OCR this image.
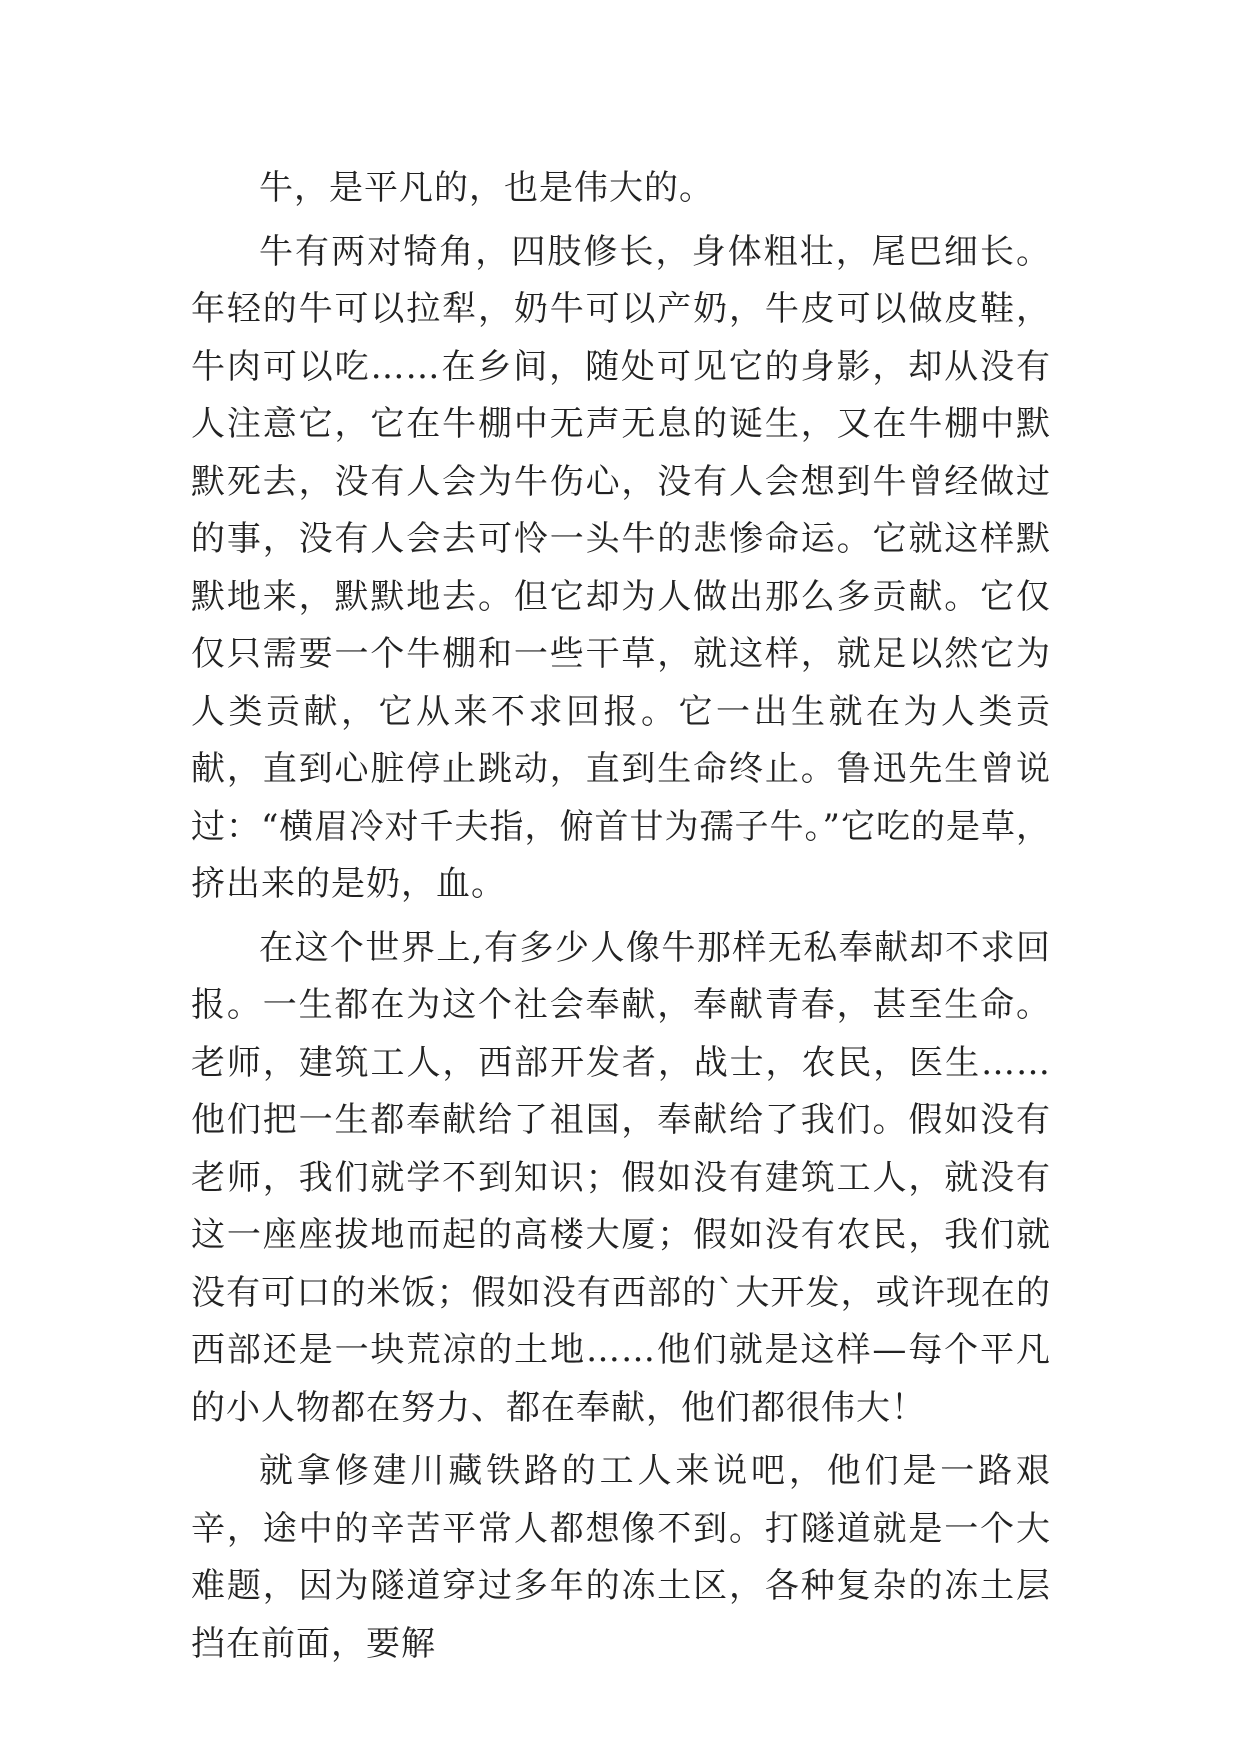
牛，是平凡的，也是伟大的。

牛有两对犄角，四肢修长，身体粗壮，尾巴细长。年轻的牛可以拉犁，奶牛可以产奶，牛皮可以做皮鞋，牛肉可以吃……在乡间，随处可见它的身影，却从没有人注意它，它在牛棚中无声无息的诞生，又在牛棚中默默死去，没有人会为牛伤心，没有人会想到牛曾经做过的事，没有人会去可怜一头牛的悲惨命运。它就这样默默地来，默默地去。但它却为人做出那么多贡献。它仅仅只需要一个牛棚和一些干草，就这样，就足以然它为人类贡献，它从来不求回报。它一出生就在为人类贡献，直到心脏停止跳动，直到生命终止。鲁迅先生曾说过：“横眉冷对千夫指，俯首甘为孺子牛。”它吃的是草，挤出来的是奶，血。

在这个世界上,有多少人像牛那样无私奉献却不求回报。一生都在为这个社会奉献，奉献青春，甚至生命。老师，建筑工人，西部开发者，战士，农民，医生……他们把一生都奉献给了祖国，奉献给了我们。假如没有老师，我们就学不到知识；假如没有建筑工人，就没有这一座座拔地而起的高楼大厦；假如没有农民，我们就没有可口的米饭；假如没有西部的`大开发，或许现在的西部还是一块荒凉的土地……他们就是这样—每个平凡的小人物都在努力、都在奉献，他们都很伟大！

就拿修建川藏铁路的工人来说吧，他们是一路艰辛，途中的辛苦平常人都想像不到。打隧道就是一个大难题，因为隧道穿过多年的冻土区，各种复杂的冻土层挡在前面，要解
